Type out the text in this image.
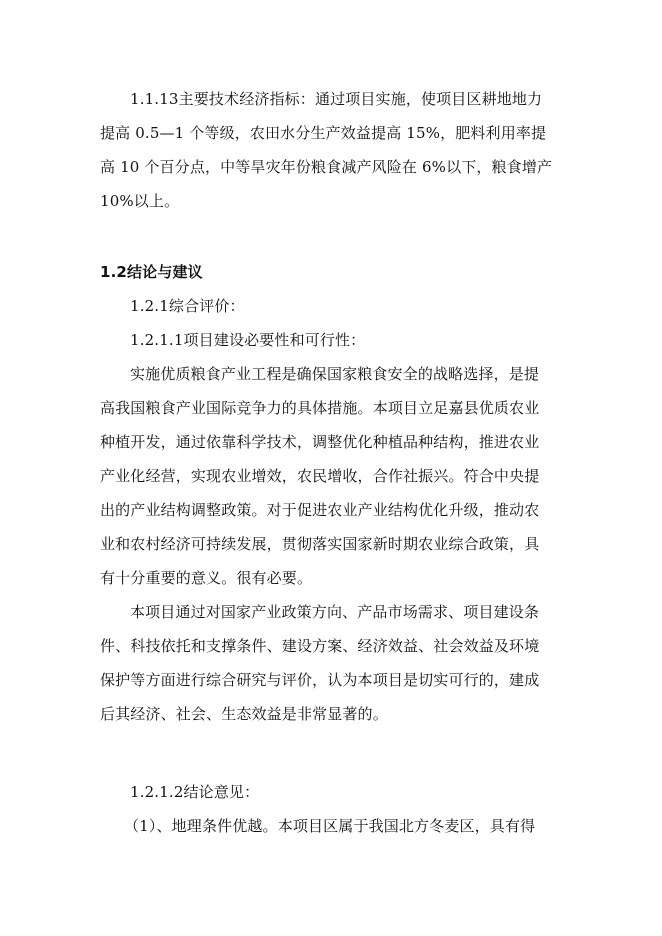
1.1.13主要技术经济指标：通过项目实施，使项目区耕地地力
提高 0.5—1 个等级，农田水分生产效益提高 15%，肥料利用率提
高 10 个百分点，中等旱灾年份粮食减产风险在 6%以下，粮食增产
10%以上。
1.2结论与建议
1.2.1综合评价：
1.2.1.1项目建设必要性和可行性：
实施优质粮食产业工程是确保国家粮食安全的战略选择，是提
高我国粮食产业国际竞争力的具体措施。本项目立足嘉县优质农业
种植开发，通过依靠科学技术，调整优化种植品种结构，推进农业
产业化经营，实现农业增效，农民增收，合作社振兴。符合中央提
出的产业结构调整政策。对于促进农业产业结构优化升级，推动农
业和农村经济可持续发展，贯彻落实国家新时期农业综合政策，具
有十分重要的意义。很有必要。
本项目通过对国家产业政策方向、产品市场需求、项目建设条
件、科技依托和支撑条件、建设方案、经济效益、社会效益及环境
保护等方面进行综合研究与评价，认为本项目是切实可行的，建成
后其经济、社会、生态效益是非常显著的。
1.2.1.2结论意见：
（1）、地理条件优越。本项目区属于我国北方冬麦区，具有得
